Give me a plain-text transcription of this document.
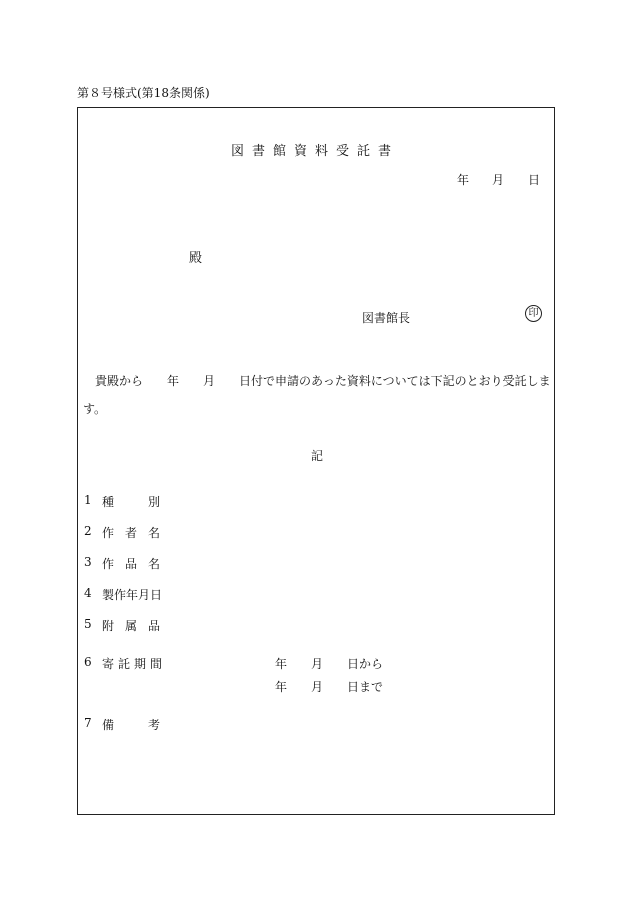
第８号様式(第18条関係)
図書館資料受託書
年 月 日
殿
図書館長	印
貴殿から 年 月 日付で申請のあった資料については下記のとおり受託しま
す。
記
1 種	別
2 作 者 名
3 作 品 名
4 製作年月日
5 附 属 品
6 寄託期間	年 月 日から
年 月 日まで
7 備	考
